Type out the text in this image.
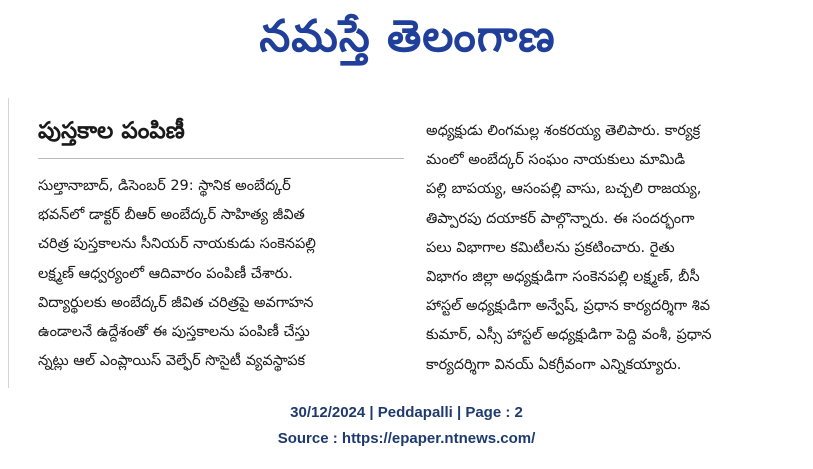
నమస్తే తెలంగాణ
పుస్తకాల పంపిణీ
సుల్తానాబాద్, డిసెంబర్ 29: స్థానిక అంబేద్కర్
భవన్‌లో డాక్టర్ బీఆర్ అంబేద్కర్ సాహిత్య జీవిత
చరిత్ర పుస్తకాలను సీనియర్ నాయకుడు సంకెనపల్లి
లక్ష్మణ్ ఆధ్వర్యంలో ఆదివారం పంపిణీ చేశారు.
విద్యార్థులకు అంబేద్కర్ జీవిత చరిత్రపై అవగాహన
ఉండాలనే ఉద్దేశంతో ఈ పుస్తకాలను పంపిణీ చేస్తు
న్నట్లు ఆల్ ఎంప్లాయిస్ వెల్ఫేర్ సొసైటీ వ్యవస్థాపక
అధ్యక్షుడు లింగమల్ల శంకరయ్య తెలిపారు. కార్యక్ర
మంలో అంబేద్కర్ సంఘం నాయకులు మామిడి
పల్లి బాపయ్య, ఆసంపల్లి వాసు, బచ్చలి రాజయ్య,
తిప్పారపు దయాకర్ పాల్గొన్నారు. ఈ సందర్భంగా
పలు విభాగాల కమిటీలను ప్రకటించారు. రైతు
విభాగం జిల్లా అధ్యక్షుడిగా సంకెనపల్లి లక్ష్మణ్, బీసీ
హాస్టల్ అధ్యక్షుడిగా అన్వేష్, ప్రధాన కార్యదర్శిగా శివ
కుమార్, ఎస్సీ హాస్టల్ అధ్యక్షుడిగా పెద్ది వంశీ, ప్రధాన
కార్యదర్శిగా వినయ్ ఏకగ్రీవంగా ఎన్నికయ్యారు.
30/12/2024 | Peddapalli | Page : 2
Source : https://epaper.ntnews.com/
